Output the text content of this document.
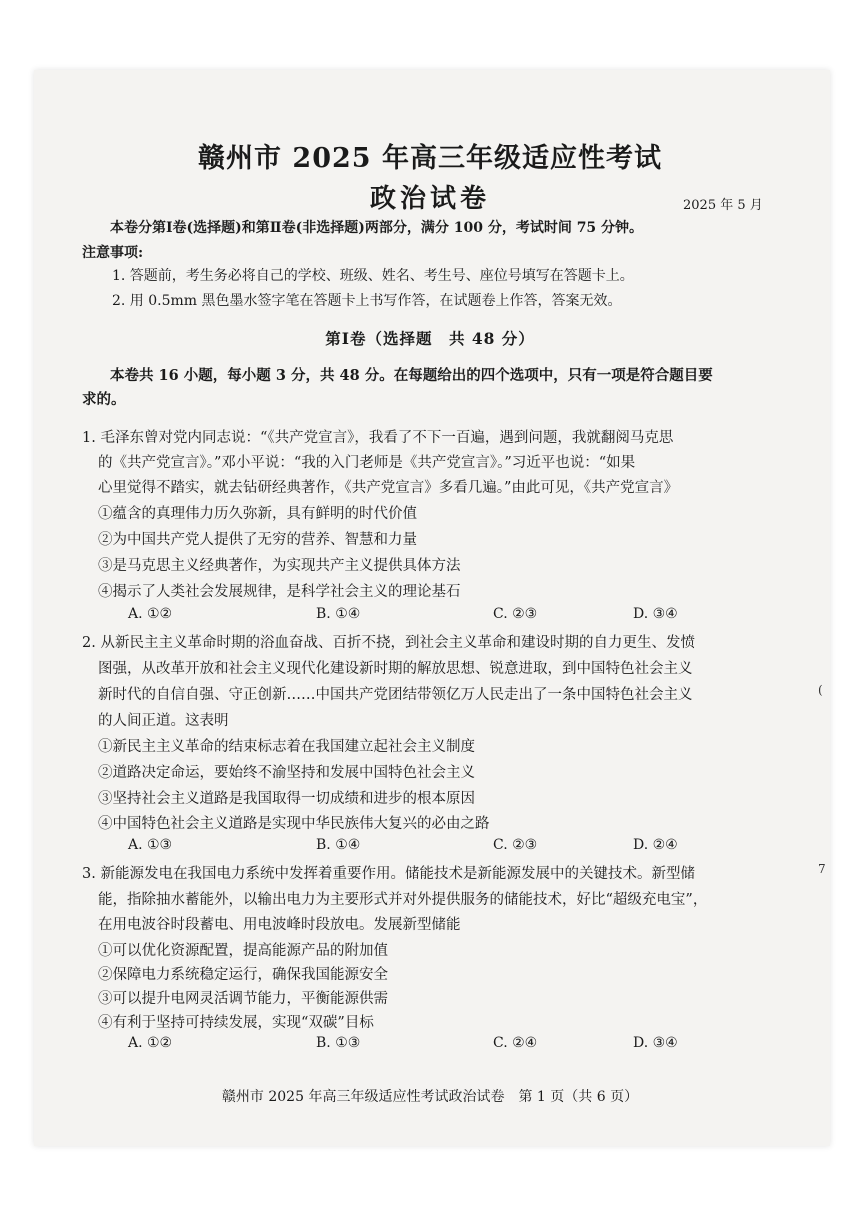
赣州市 2025 年高三年级适应性考试
政治试卷	2025 年 5 月
本卷分第Ⅰ卷(选择题)和第Ⅱ卷(非选择题)两部分，满分 100 分，考试时间 75 分钟。
注意事项:
1. 答题前，考生务必将自己的学校、班级、姓名、考生号、座位号填写在答题卡上。
2. 用 0.5mm 黑色墨水签字笔在答题卡上书写作答，在试题卷上作答，答案无效。
第Ⅰ卷（选择题　共 48 分）
本卷共 16 小题，每小题 3 分，共 48 分。在每题给出的四个选项中，只有一项是符合题目要
求的。
1. 毛泽东曾对党内同志说：“《共产党宣言》，我看了不下一百遍，遇到问题，我就翻阅马克思
的《共产党宣言》。”邓小平说：“我的入门老师是《共产党宣言》。”习近平也说：“如果
心里觉得不踏实，就去钻研经典著作，《共产党宣言》多看几遍。”由此可见，《共产党宣言》
①蕴含的真理伟力历久弥新，具有鲜明的时代价值
②为中国共产党人提供了无穷的营养、智慧和力量
③是马克思主义经典著作，为实现共产主义提供具体方法
④揭示了人类社会发展规律，是科学社会主义的理论基石
A. ①②	B. ①④	C. ②③	D. ③④
2. 从新民主主义革命时期的浴血奋战、百折不挠，到社会主义革命和建设时期的自力更生、发愤
图强，从改革开放和社会主义现代化建设新时期的解放思想、锐意进取，到中国特色社会主义
新时代的自信自强、守正创新……中国共产党团结带领亿万人民走出了一条中国特色社会主义
的人间正道。这表明
①新民主主义革命的结束标志着在我国建立起社会主义制度
②道路决定命运，要始终不渝坚持和发展中国特色社会主义
③坚持社会主义道路是我国取得一切成绩和进步的根本原因
④中国特色社会主义道路是实现中华民族伟大复兴的必由之路
A. ①③	B. ①④	C. ②③	D. ②④
3. 新能源发电在我国电力系统中发挥着重要作用。储能技术是新能源发展中的关键技术。新型储
能，指除抽水蓄能外，以输出电力为主要形式并对外提供服务的储能技术，好比“超级充电宝”，
在用电波谷时段蓄电、用电波峰时段放电。发展新型储能
①可以优化资源配置，提高能源产品的附加值
②保障电力系统稳定运行，确保我国能源安全
③可以提升电网灵活调节能力，平衡能源供需
④有利于坚持可持续发展，实现“双碳”目标
A. ①②	B. ①③	C. ②④	D. ③④
(
7
赣州市 2025 年高三年级适应性考试政治试卷　第 1 页（共 6 页）
